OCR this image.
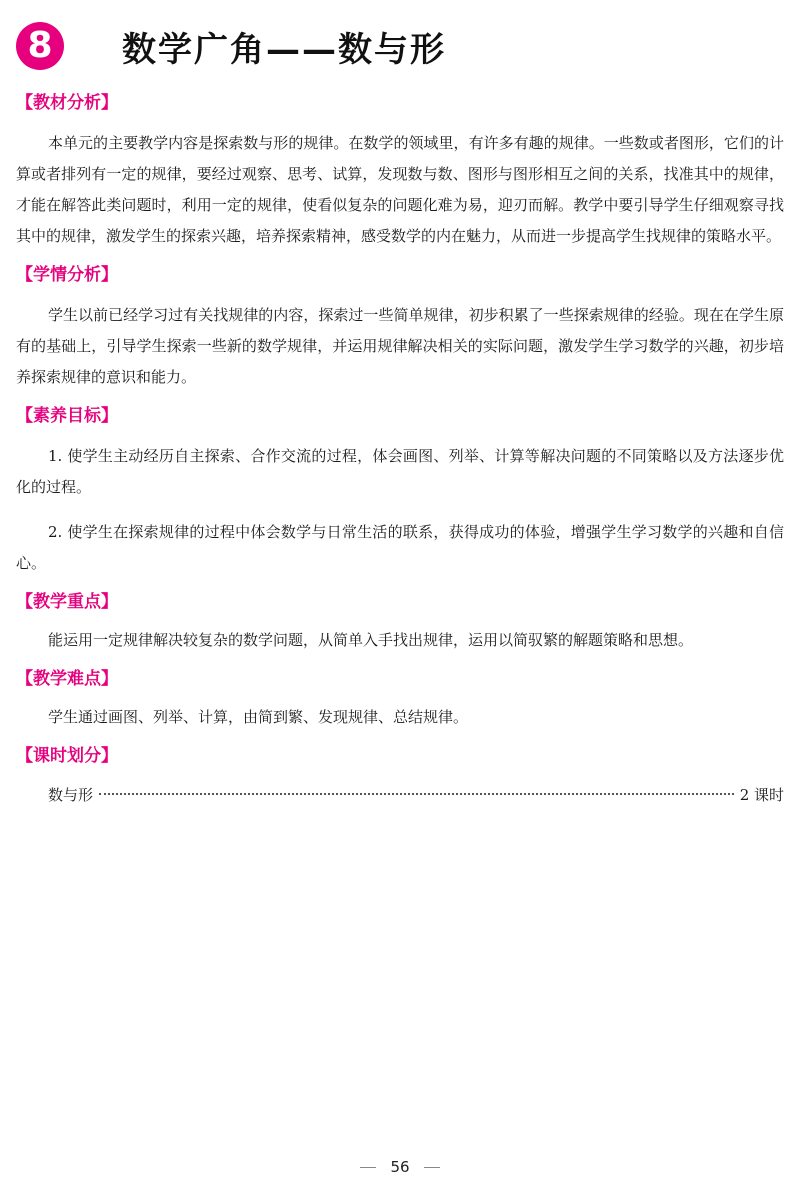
8	数学广角——数与形
【教材分析】

本单元的主要教学内容是探索数与形的规律。在数学的领域里，有许多有趣的规律。一些数或者图形，它们的计算或者排列有一定的规律，要经过观察、思考、试算，发现数与数、图形与图形相互之间的关系，找准其中的规律，才能在解答此类问题时，利用一定的规律，使看似复杂的问题化难为易，迎刃而解。教学中要引导学生仔细观察寻找其中的规律，激发学生的探索兴趣，培养探索精神，感受数学的内在魅力，从而进一步提高学生找规律的策略水平。

【学情分析】

学生以前已经学习过有关找规律的内容，探索过一些简单规律，初步积累了一些探索规律的经验。现在在学生原有的基础上，引导学生探索一些新的数学规律，并运用规律解决相关的实际问题，激发学生学习数学的兴趣，初步培养探索规律的意识和能力。

【素养目标】

1. 使学生主动经历自主探索、合作交流的过程，体会画图、列举、计算等解决问题的不同策略以及方法逐步优化的过程。

2. 使学生在探索规律的过程中体会数学与日常生活的联系，获得成功的体验，增强学生学习数学的兴趣和自信心。

【教学重点】

能运用一定规律解决较复杂的数学问题，从简单入手找出规律，运用以简驭繁的解题策略和思想。

【教学难点】

学生通过画图、列举、计算，由简到繁、发现规律、总结规律。

【课时划分】
数与形	2 课时
56
